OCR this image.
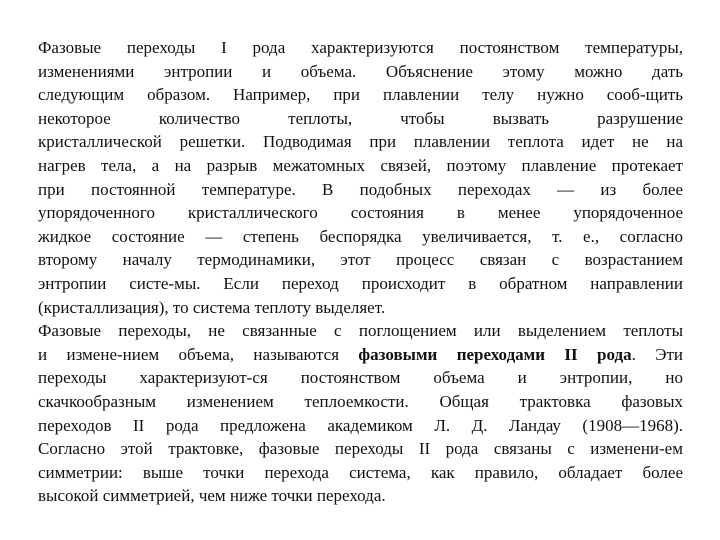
Фазовые переходы I рода характеризуются постоянством температуры,
изменениями энтропии и объема. Объяснение этому можно дать
следующим образом. Например, при плавлении телу нужно сооб-щить
некоторое количество теплоты, чтобы вызвать разрушение
кристаллической решетки. Подводимая при плавлении теплота идет не на
нагрев тела, а на разрыв межатомных связей, поэтому плавление протекает
при постоянной температуре. В подобных переходах — из более
упорядоченного кристаллического состояния в менее упорядоченное
жидкое состояние — степень беспорядка увеличивается, т. е., согласно
второму началу термодинамики, этот процесс связан с возрастанием
энтропии систе-мы. Если переход происходит в обратном направлении
(кристаллизация), то система теплоту выделяет.
Фазовые переходы, не связанные с поглощением или выделением теплоты
и измене-нием объема, называются фазовыми переходами II рода. Эти
переходы характеризуют-ся постоянством объема и энтропии, но
скачкообразным изменением теплоемкости. Общая трактовка фазовых
переходов II рода предложена академиком Л. Д. Ландау (1908—1968).
Согласно этой трактовке, фазовые переходы II рода связаны с изменени-ем
симметрии: выше точки перехода система, как правило, обладает более
высокой симметрией, чем ниже точки перехода.
